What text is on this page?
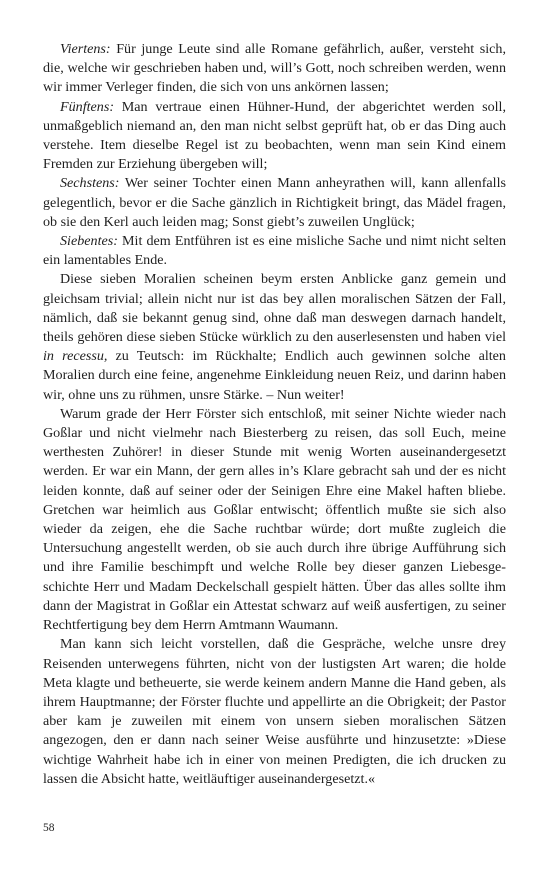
Viertens: Für junge Leute sind alle Romane gefährlich, außer, versteht sich, die, welche wir geschrieben haben und, will’s Gott, noch schreiben werden, wenn wir immer Verleger finden, die sich von uns ankörnen lassen;

Fünftens: Man vertraue einen Hühner-Hund, der abgerichtet werden soll, unmaßgeblich niemand an, den man nicht selbst geprüft hat, ob er das Ding auch verstehe. Item dieselbe Regel ist zu beobachten, wenn man sein Kind einem Fremden zur Erziehung übergeben will;

Sechstens: Wer seiner Tochter einen Mann anheyrathen will, kann allenfalls gelegentlich, bevor er die Sache gänzlich in Richtigkeit bringt, das Mädel fragen, ob sie den Kerl auch leiden mag; Sonst giebt’s zuweilen Unglück;

Siebentes: Mit dem Entführen ist es eine misliche Sache und nimt nicht selten ein lamentables Ende.

Diese sieben Moralien scheinen beym ersten Anblicke ganz gemein und gleichsam trivial; allein nicht nur ist das bey allen moralischen Sätzen der Fall, nämlich, daß sie bekannt genug sind, ohne daß man deswegen darnach handelt, theils gehören diese sieben Stücke würklich zu den auserlesensten und haben viel in recessu, zu Teutsch: im Rückhalte; Endlich auch gewinnen solche alten Moralien durch eine feine, angenehme Einkleidung neuen Reiz, und darinn haben wir, ohne uns zu rühmen, unsre Stärke. – Nun weiter!

Warum grade der Herr Förster sich entschloß, mit seiner Nichte wieder nach Goßlar und nicht vielmehr nach Biesterberg zu reisen, das soll Euch, meine werthesten Zuhörer! in dieser Stunde mit wenig Worten auseinandergesetzt werden. Er war ein Mann, der gern alles in’s Klare gebracht sah und der es nicht leiden konnte, daß auf seiner oder der Seinigen Ehre eine Makel haften bliebe. Gretchen war heimlich aus Goßlar entwischt; öffentlich mußte sie sich also wieder da zeigen, ehe die Sache ruchtbar würde; dort mußte zugleich die Untersuchung angestellt werden, ob sie auch durch ihre übrige Aufführung sich und ihre Familie beschimpft und welche Rolle bey dieser ganzen Liebesgeschichte Herr und Madam Deckelschall gespielt hätten. Über das alles sollte ihm dann der Magistrat in Goßlar ein Attestat schwarz auf weiß ausfertigen, zu seiner Rechtfertigung bey dem Herrn Amtmann Waumann.

Man kann sich leicht vorstellen, daß die Gespräche, welche unsre drey Reisenden unterwegens führten, nicht von der lustigsten Art waren; die holde Meta klagte und betheuerte, sie werde keinem andern Manne die Hand geben, als ihrem Hauptmanne; der Förster fluchte und appellirte an die Obrigkeit; der Pastor aber kam je zuweilen mit einem von unsern sieben moralischen Sätzen angezogen, den er dann nach seiner Weise ausführte und hinzusetzte: »Diese wichtige Wahrheit habe ich in einer von meinen Predigten, die ich drucken zu lassen die Absicht hatte, weitläuftiger auseinandergesetzt.«

58
